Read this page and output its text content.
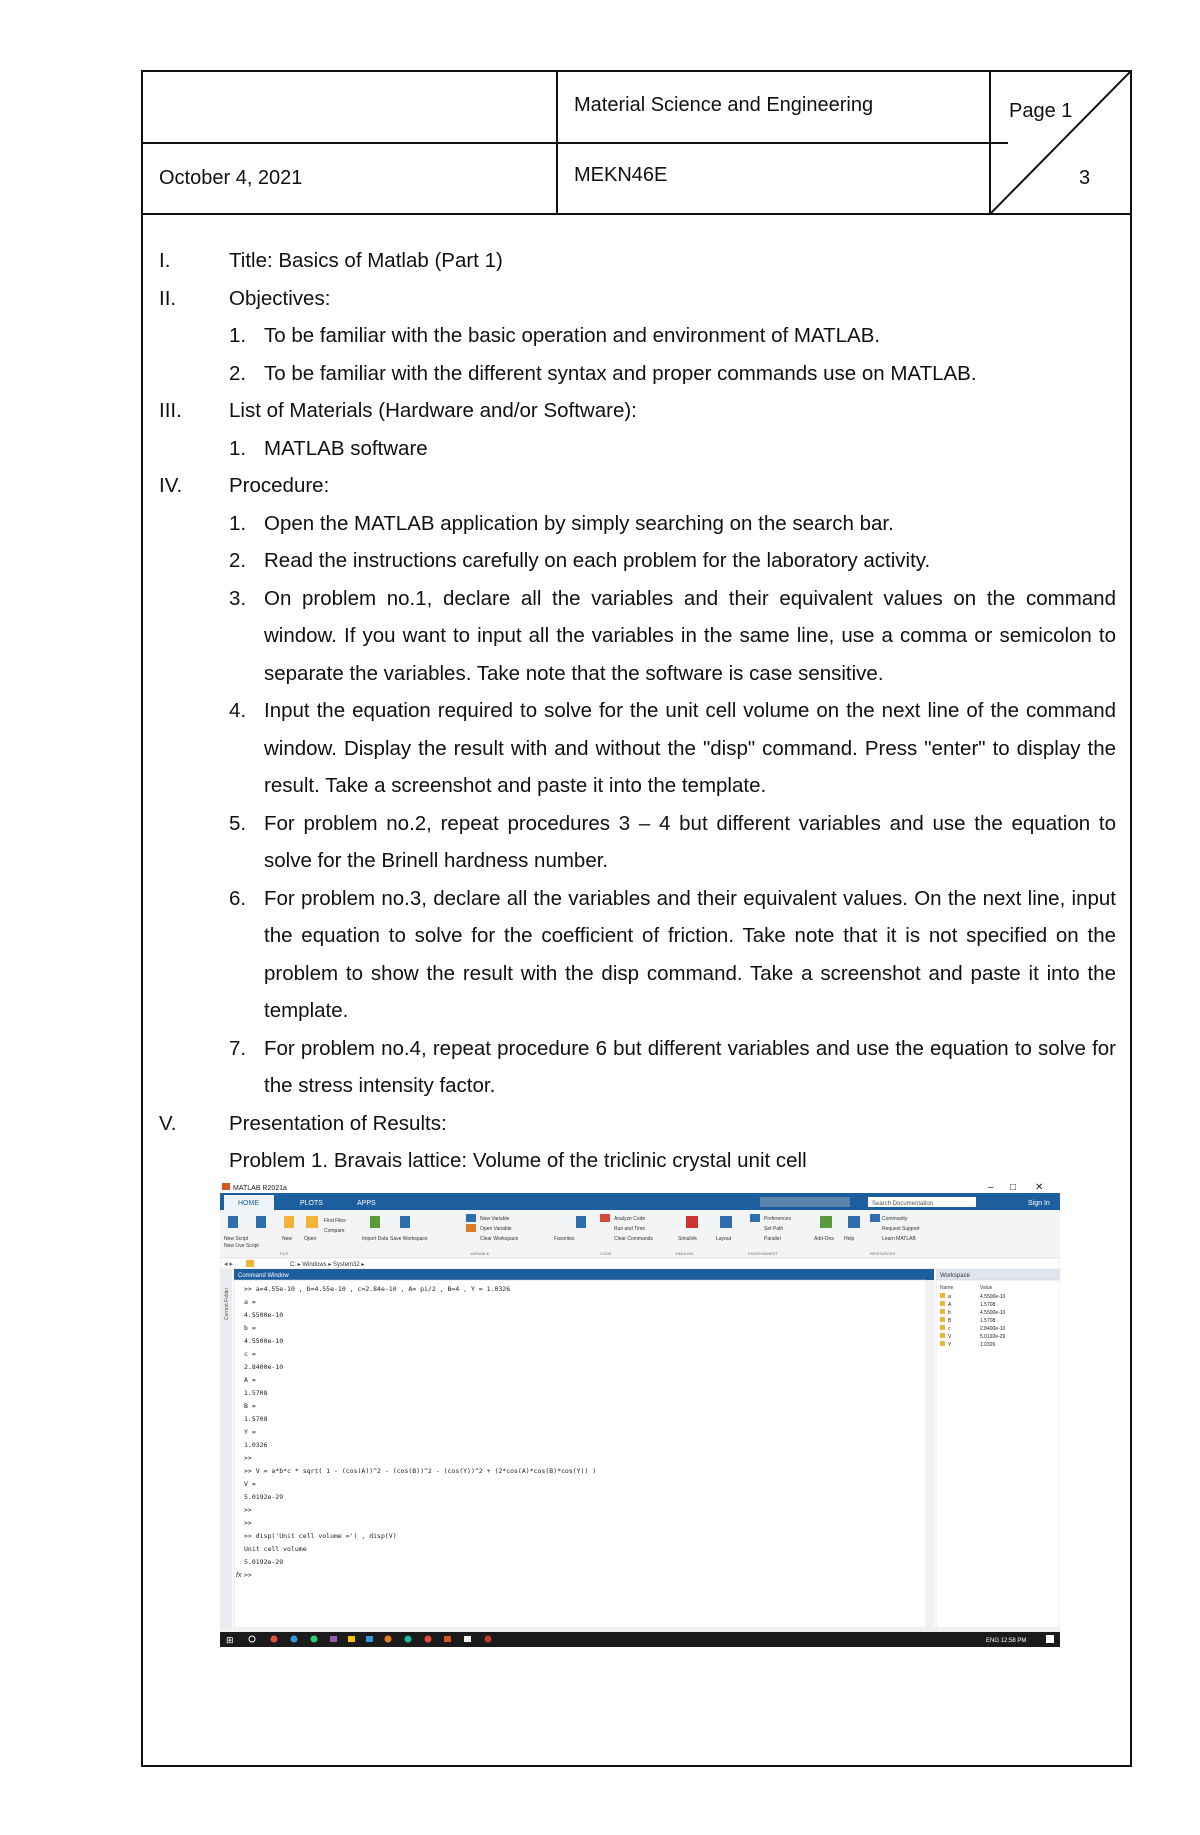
Material Science and Engineering	Page 1
October 4, 2021	MEKN46E	3
I.	Title: Basics of Matlab (Part 1)
II.	Objectives:
1. To be familiar with the basic operation and environment of MATLAB.
2. To be familiar with the different syntax and proper commands use on MATLAB.
III.	List of Materials (Hardware and/or Software):
1. MATLAB software
IV.	Procedure:
1. Open the MATLAB application by simply searching on the search bar.
2. Read the instructions carefully on each problem for the laboratory activity.
3. On problem no.1, declare all the variables and their equivalent values on the command window. If you want to input all the variables in the same line, use a comma or semicolon to separate the variables. Take note that the software is case sensitive.
4. Input the equation required to solve for the unit cell volume on the next line of the command window. Display the result with and without the "disp" command. Press "enter" to display the result. Take a screenshot and paste it into the template.
5. For problem no.2, repeat procedures 3 – 4 but different variables and use the equation to solve for the Brinell hardness number.
6. For problem no.3, declare all the variables and their equivalent values. On the next line, input the equation to solve for the coefficient of friction. Take note that it is not specified on the problem to show the result with the disp command. Take a screenshot and paste it into the template.
7. For problem no.4, repeat procedure 6 but different variables and use the equation to solve for the stress intensity factor.
V.	Presentation of Results:
Problem 1. Bravais lattice: Volume of the triclinic crystal unit cell
MATLAB R2021a	– □ ✕
HOME	PLOTS	APPS	Search Documentation	Sign In
New Script
New Live Script
New Open
Find Files
Compare
Import Data Save Workspace
New Variable
Open Variable
Clear Workspace	Favorites
Analyze Code
Run and Time
Clear Commands	Simulink	Layout
Preferences
Set Path
Parallel	Add-Ons Help
Community
Request Support
Learn MATLAB
FILE	VARIABLE	CODE	SIMULINK	ENVIRONMENT	RESOURCES
◂ ▸	C: ▸ Windows ▸ System32 ▸
Current Folder
Command Window
>> a=4.55e-10 , b=4.55e-10 , c=2.84e-10 , A= pi/2 , B=4 , Y = 1.0326
a =
4.5500e-10
b =
4.5500e-10
c =
2.8400e-10
A =
1.5708
B =
1.5708
Y =
1.0326
>>
>> V = a*b*c * sqrt( 1 - (cos(A))^2 - (cos(B))^2 - (cos(Y))^2 + (2*cos(A)*cos(B)*cos(Y)) )
V =
5.0192e-29
>>
>>
>> disp('Unit cell volume =') , disp(V)
Unit cell volume
5.0192e-29
>>
fx
Workspace
Name	Value
a	4.5500e-10
A	1.5708
b	4.5500e-10
B	1.5708
c	2.8400e-10
V	5.0192e-29
Y	1.0326
⊞	ENG 12:58 PM
